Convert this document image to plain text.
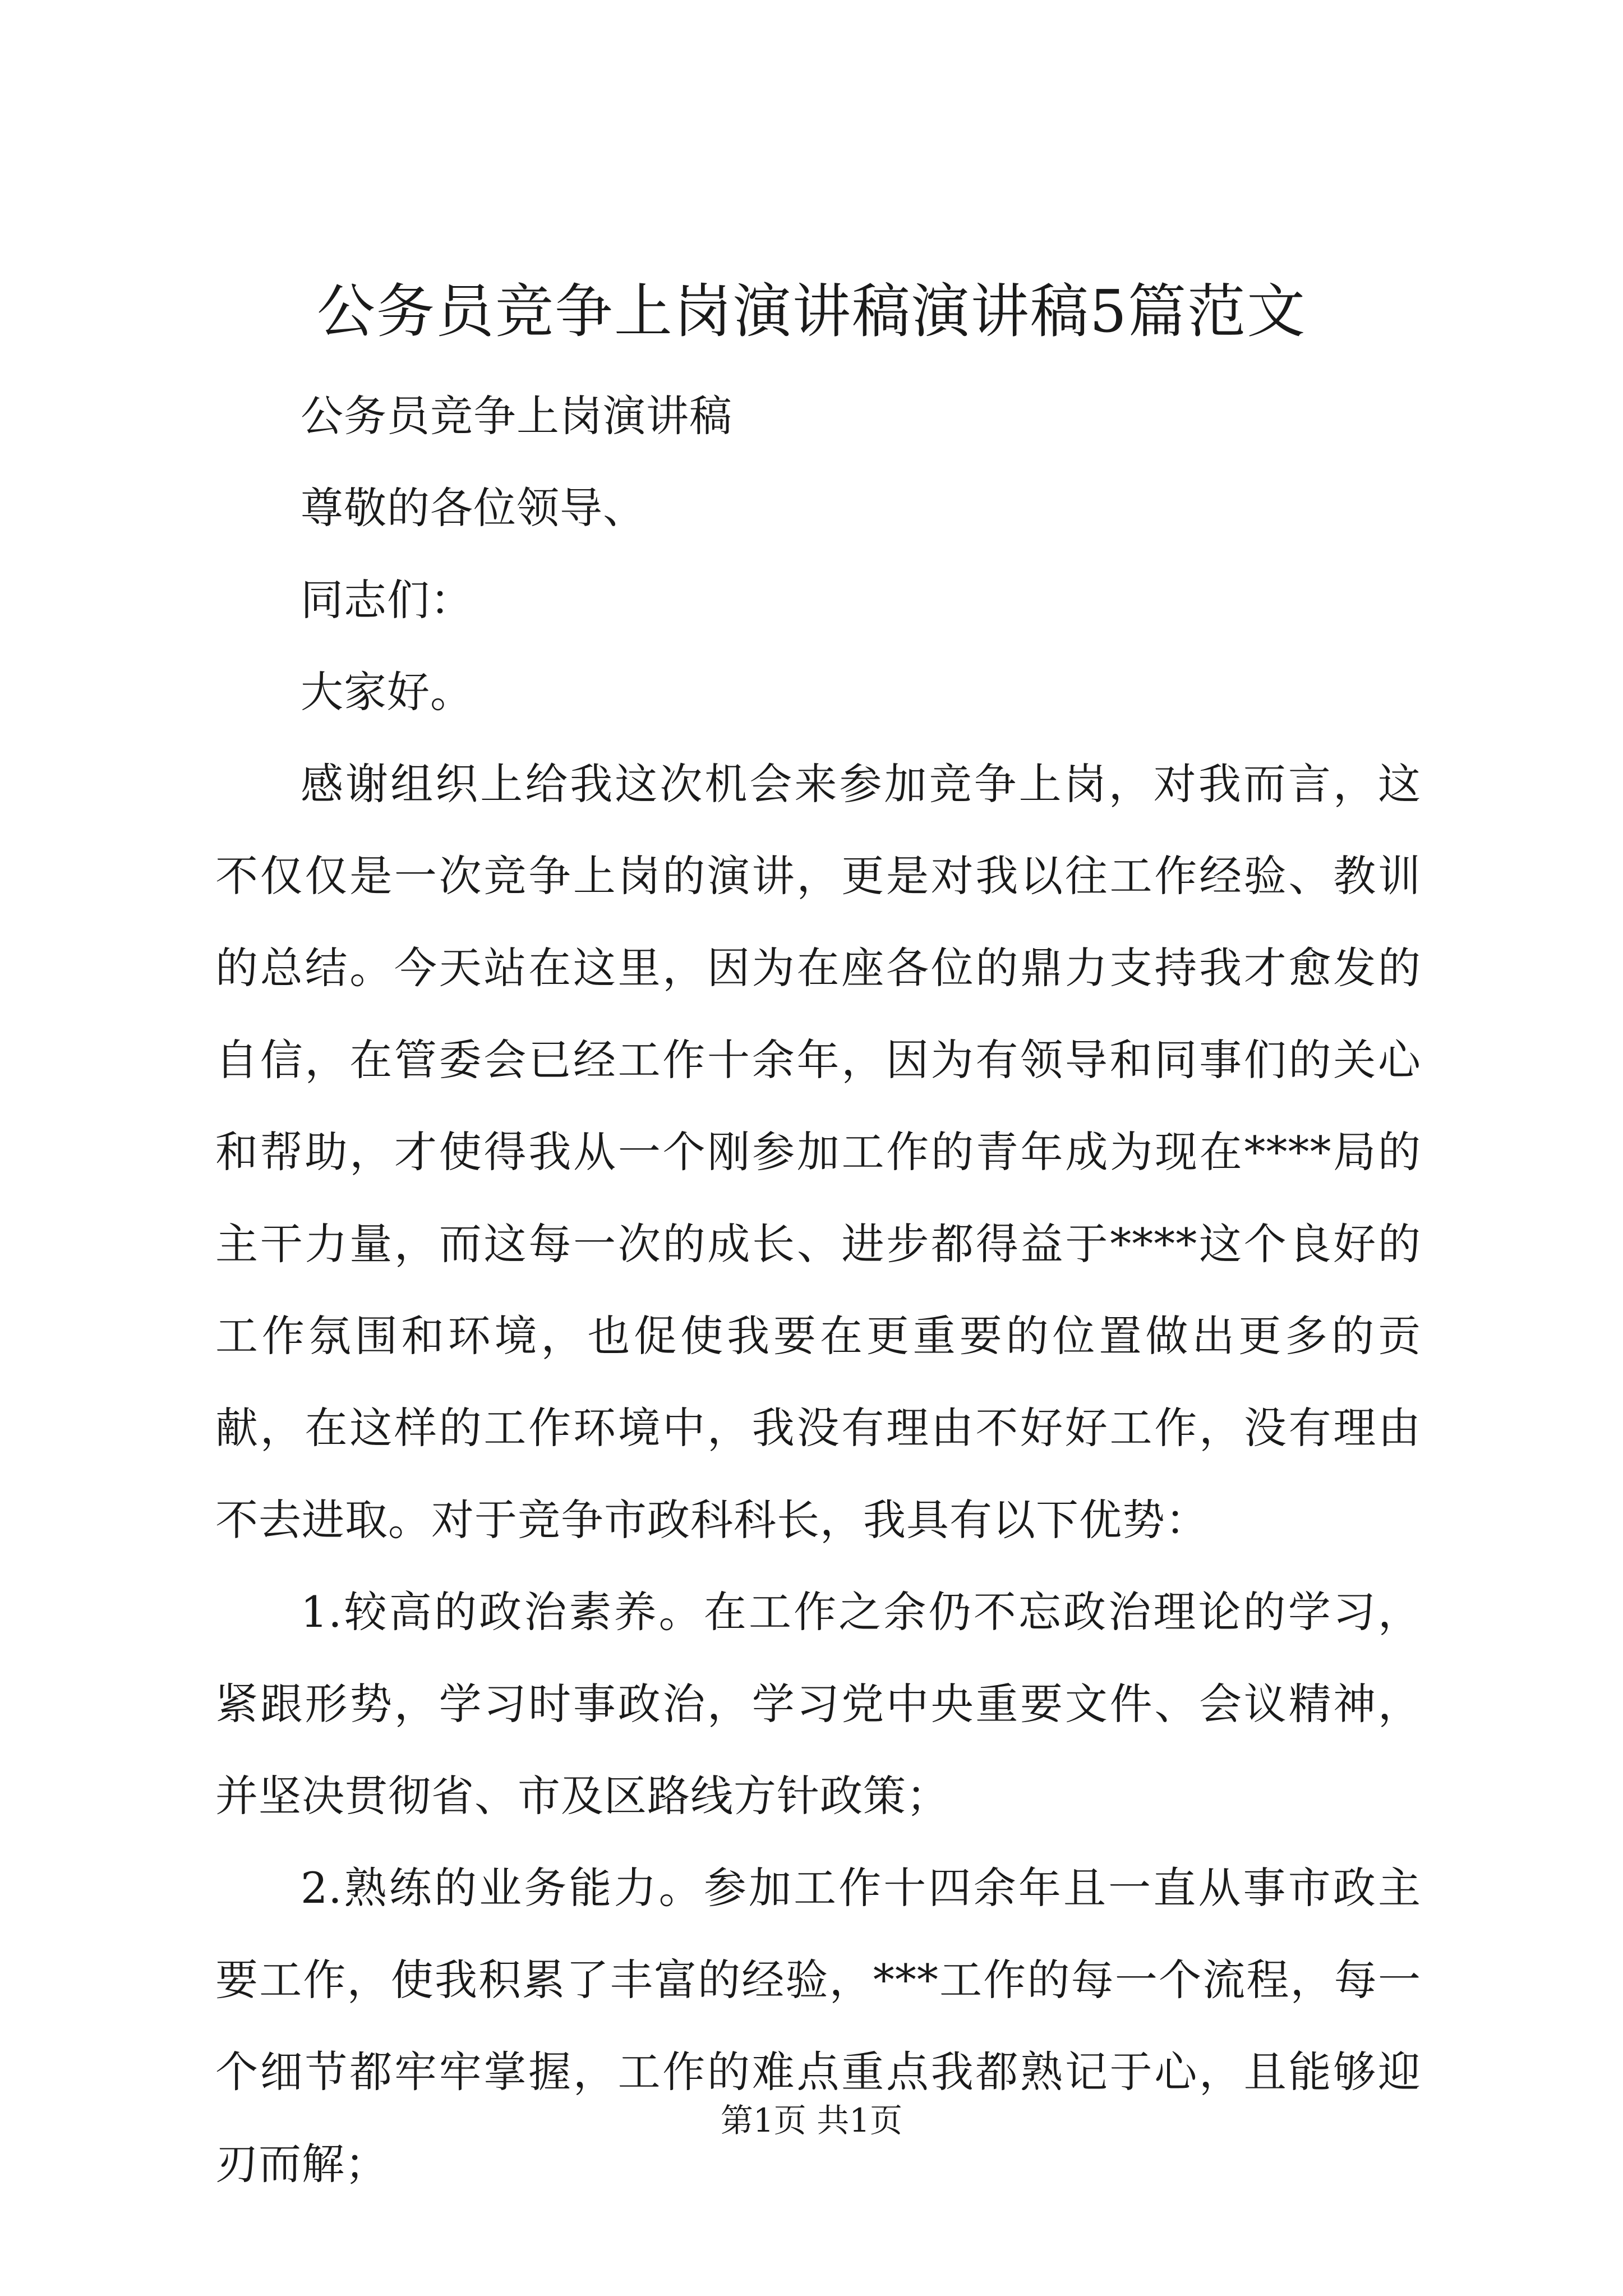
公务员竞争上岗演讲稿演讲稿5篇范文

公务员竞争上岗演讲稿

尊敬的各位领导、

同志们：

大家好。

感谢组织上给我这次机会来参加竞争上岗，对我而言，这不仅仅是一次竞争上岗的演讲，更是对我以往工作经验、教训的总结。今天站在这里，因为在座各位的鼎力支持我才愈发的自信，在管委会已经工作十余年，因为有领导和同事们的关心和帮助，才使得我从一个刚参加工作的青年成为现在****局的主干力量，而这每一次的成长、进步都得益于****这个良好的工作氛围和环境，也促使我要在更重要的位置做出更多的贡献，在这样的工作环境中，我没有理由不好好工作，没有理由不去进取。对于竞争市政科科长，我具有以下优势：

1.较高的政治素养。在工作之余仍不忘政治理论的学习，紧跟形势，学习时事政治，学习党中央重要文件、会议精神，并坚决贯彻省、市及区路线方针政策；

2.熟练的业务能力。参加工作十四余年且一直从事市政主要工作，使我积累了丰富的经验，***工作的每一个流程，每一个细节都牢牢掌握，工作的难点重点我都熟记于心，且能够迎刃而解；

第1页 共1页
